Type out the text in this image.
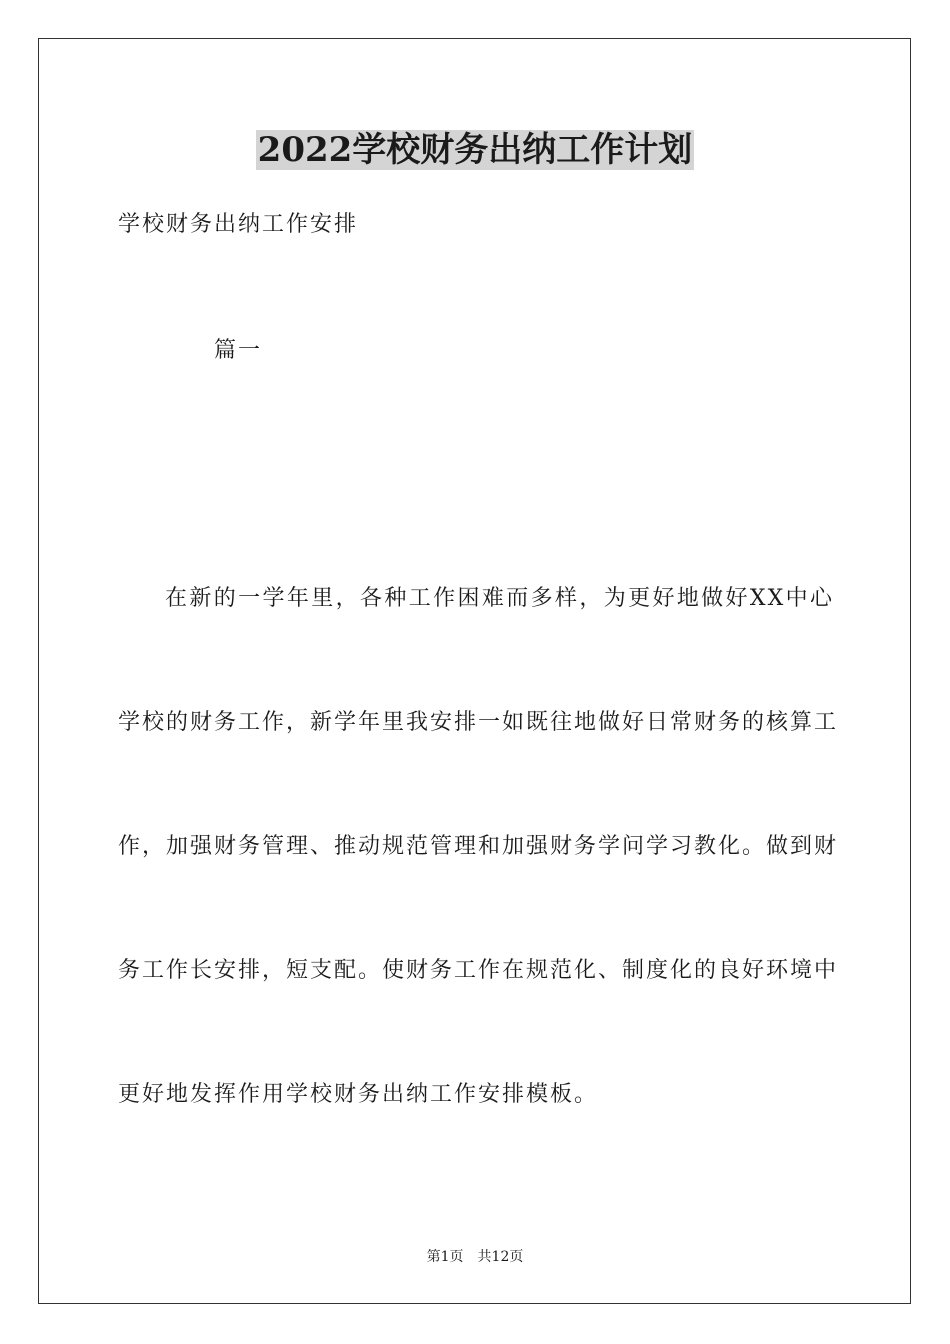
2022学校财务出纳工作计划
学校财务出纳工作安排
篇一
在新的一学年里，各种工作困难而多样，为更好地做好XX中心
学校的财务工作，新学年里我安排一如既往地做好日常财务的核算工
作，加强财务管理、推动规范管理和加强财务学问学习教化。做到财
务工作长安排，短支配。使财务工作在规范化、制度化的良好环境中
更好地发挥作用学校财务出纳工作安排模板。
第1页 共12页
